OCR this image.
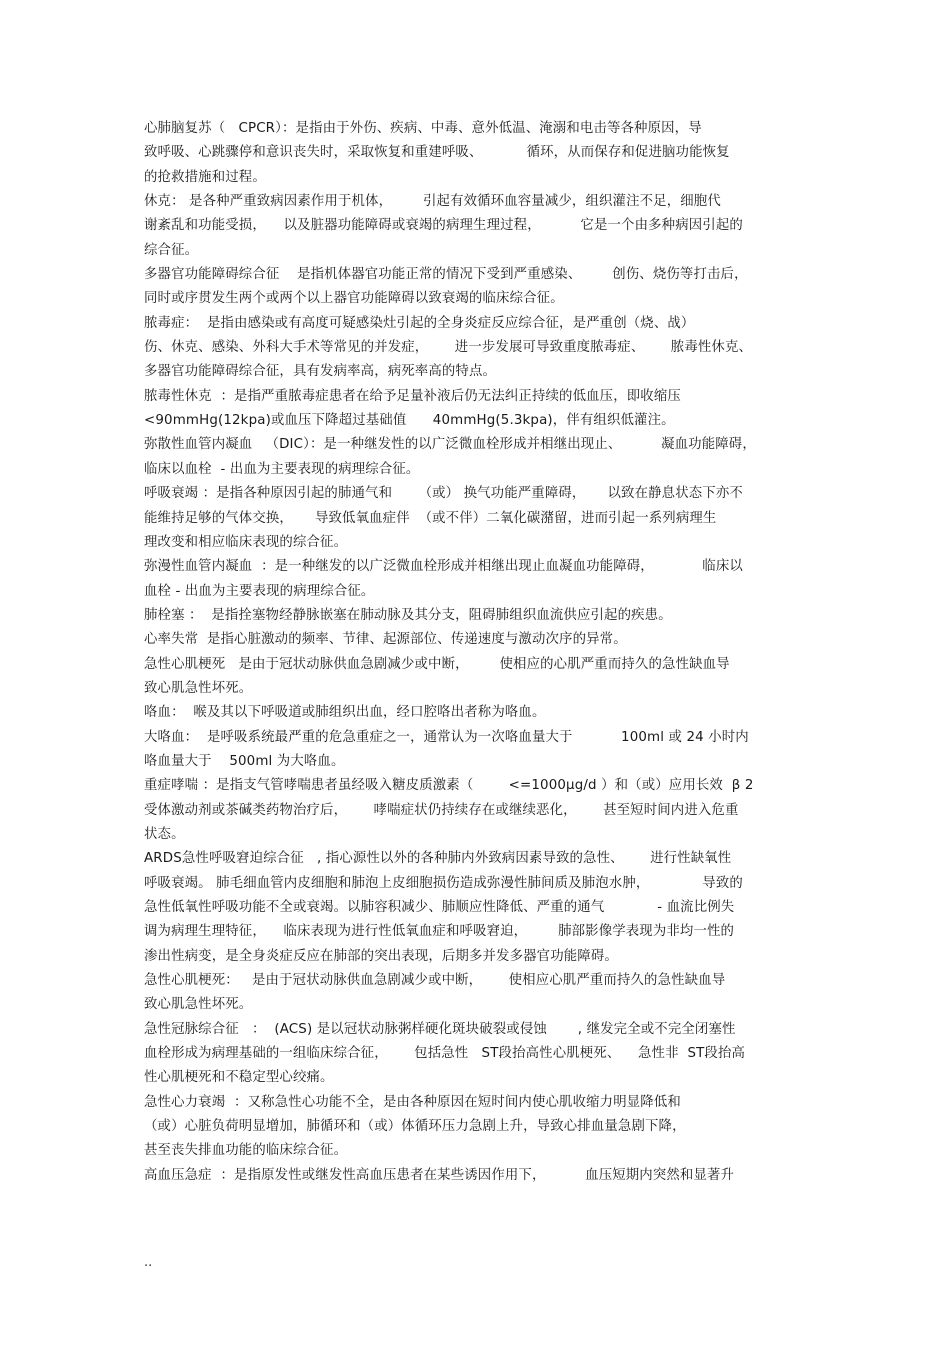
心肺脑复苏（   CPCR）：是指由于外伤、疾病、中毒、意外低温、淹溺和电击等各种原因，导
致呼吸、心跳骤停和意识丧失时，采取恢复和重建呼吸、          循环，从而保存和促进脑功能恢复
的抢救措施和过程。
休克： 是各种严重致病因素作用于机体，       引起有效循环血容量减少，组织灌注不足，细胞代
谢紊乱和功能受损，    以及脏器功能障碍或衰竭的病理生理过程，         它是一个由多种病因引起的
综合征。
多器官功能障碍综合征    是指机体器官功能正常的情况下受到严重感染、       创伤、烧伤等打击后，
同时或序贯发生两个或两个以上器官功能障碍以致衰竭的临床综合征。
脓毒症：  是指由感染或有高度可疑感染灶引起的全身炎症反应综合征，是严重创（烧、战）
伤、休克、感染、外科大手术等常见的并发症，      进一步发展可导致重度脓毒症、      脓毒性休克、
多器官功能障碍综合征，具有发病率高，病死率高的特点。
脓毒性休克  ：是指严重脓毒症患者在给予足量补液后仍无法纠正持续的低血压，即收缩压
<90mmHg(12kpa)或血压下降超过基础值      40mmHg(5.3kpa)，伴有组织低灌注。
弥散性血管内凝血   （DIC）：是一种继发性的以广泛微血栓形成并相继出现止、         凝血功能障碍，
临床以血栓  - 出血为主要表现的病理综合征。
呼吸衰竭 ：是指各种原因引起的肺通气和      （或） 换气功能严重障碍，     以致在静息状态下亦不
能维持足够的气体交换，     导致低氧血症伴  （或不伴）二氧化碳潴留，进而引起一系列病理生
理改变和相应临床表现的综合征。
弥漫性血管内凝血  ：是一种继发的以广泛微血栓形成并相继出现止血凝血功能障碍，           临床以
血栓 - 出血为主要表现的病理综合征。
肺栓塞 ：  是指拴塞物经静脉嵌塞在肺动脉及其分支，阻碍肺组织血流供应引起的疾患。
心率失常  是指心脏激动的频率、节律、起源部位、传递速度与激动次序的异常。
急性心肌梗死   是由于冠状动脉供血急剧减少或中断，       使相应的心肌严重而持久的急性缺血导
致心肌急性坏死。
咯血：  喉及其以下呼吸道或肺组织出血，经口腔咯出者称为咯血。
大咯血：  是呼吸系统最严重的危急重症之一，通常认为一次咯血量大于           100ml 或 24 小时内
咯血量大于    500ml 为大咯血。
重症哮喘 ：是指支气管哮喘患者虽经吸入糖皮质激素（        <=1000μg/d ）和（或）应用长效  β 2
受体激动剂或茶碱类药物治疗后，      哮喘症状仍持续存在或继续恶化，      甚至短时间内进入危重
状态。
ARDS急性呼吸窘迫综合征   , 指心源性以外的各种肺内外致病因素导致的急性、      进行性缺氧性
呼吸衰竭。 肺毛细血管内皮细胞和肺泡上皮细胞损伤造成弥漫性肺间质及肺泡水肿，            导致的
急性低氧性呼吸功能不全或衰竭。以肺容积减少、肺顺应性降低、严重的通气            - 血流比例失
调为病理生理特征，    临床表现为进行性低氧血症和呼吸窘迫，       肺部影像学表现为非均一性的
渗出性病变，是全身炎症反应在肺部的突出表现，后期多并发多器官功能障碍。
急性心肌梗死：   是由于冠状动脉供血急剧减少或中断，      使相应心肌严重而持久的急性缺血导
致心肌急性坏死。
急性冠脉综合征   ：  (ACS) 是以冠状动脉粥样硬化斑块破裂或侵蚀       , 继发完全或不完全闭塞性
血栓形成为病理基础的一组临床综合征，      包括急性   ST段抬高性心肌梗死、    急性非  ST段抬高
性心肌梗死和不稳定型心绞痛。
急性心力衰竭  ：又称急性心功能不全，是由各种原因在短时间内使心肌收缩力明显降低和
（或）心脏负荷明显增加，肺循环和（或）体循环压力急剧上升，导致心排血量急剧下降，
甚至丧失排血功能的临床综合征。
高血压急症  ：是指原发性或继发性高血压患者在某些诱因作用下，         血压短期内突然和显著升
..
